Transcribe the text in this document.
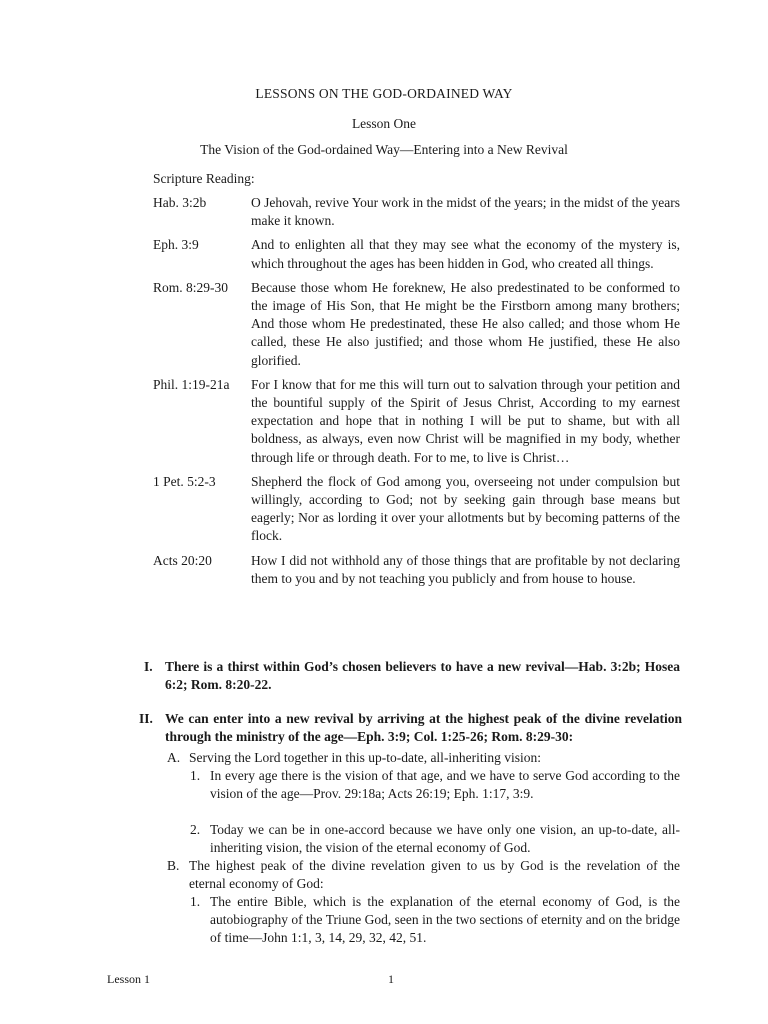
LESSONS ON THE GOD-ORDAINED WAY
Lesson One
The Vision of the God-ordained Way—Entering into a New Revival
Scripture Reading:
Hab. 3:2b	O Jehovah, revive Your work in the midst of the years; in the midst of the years make it known.
Eph. 3:9	And to enlighten all that they may see what the economy of the mystery is, which throughout the ages has been hidden in God, who created all things.
Rom. 8:29-30	Because those whom He foreknew, He also predestinated to be conformed to the image of His Son, that He might be the Firstborn among many brothers; And those whom He predestinated, these He also called; and those whom He called, these He also justified; and those whom He justified, these He also glorified.
Phil. 1:19-21a	For I know that for me this will turn out to salvation through your petition and the bountiful supply of the Spirit of Jesus Christ, According to my earnest expectation and hope that in nothing I will be put to shame, but with all boldness, as always, even now Christ will be magnified in my body, whether through life or through death. For to me, to live is Christ…
1 Pet. 5:2-3	Shepherd the flock of God among you, overseeing not under compulsion but willingly, according to God; not by seeking gain through base means but eagerly; Nor as lording it over your allotments but by becoming patterns of the flock.
Acts 20:20	How I did not withhold any of those things that are profitable by not declaring them to you and by not teaching you publicly and from house to house.
I. There is a thirst within God’s chosen believers to have a new revival—Hab. 3:2b; Hosea 6:2; Rom. 8:20-22.
II. We can enter into a new revival by arriving at the highest peak of the divine revelation through the ministry of the age—Eph. 3:9; Col. 1:25-26; Rom. 8:29-30:
A. Serving the Lord together in this up-to-date, all-inheriting vision:
1. In every age there is the vision of that age, and we have to serve God according to the vision of the age—Prov. 29:18a; Acts 26:19; Eph. 1:17, 3:9.
2. Today we can be in one-accord because we have only one vision, an up-to-date, all-inheriting vision, the vision of the eternal economy of God.
B. The highest peak of the divine revelation given to us by God is the revelation of the eternal economy of God:
1. The entire Bible, which is the explanation of the eternal economy of God, is the autobiography of the Triune God, seen in the two sections of eternity and on the bridge of time—John 1:1, 3, 14, 29, 32, 42, 51.
Lesson 1	1
